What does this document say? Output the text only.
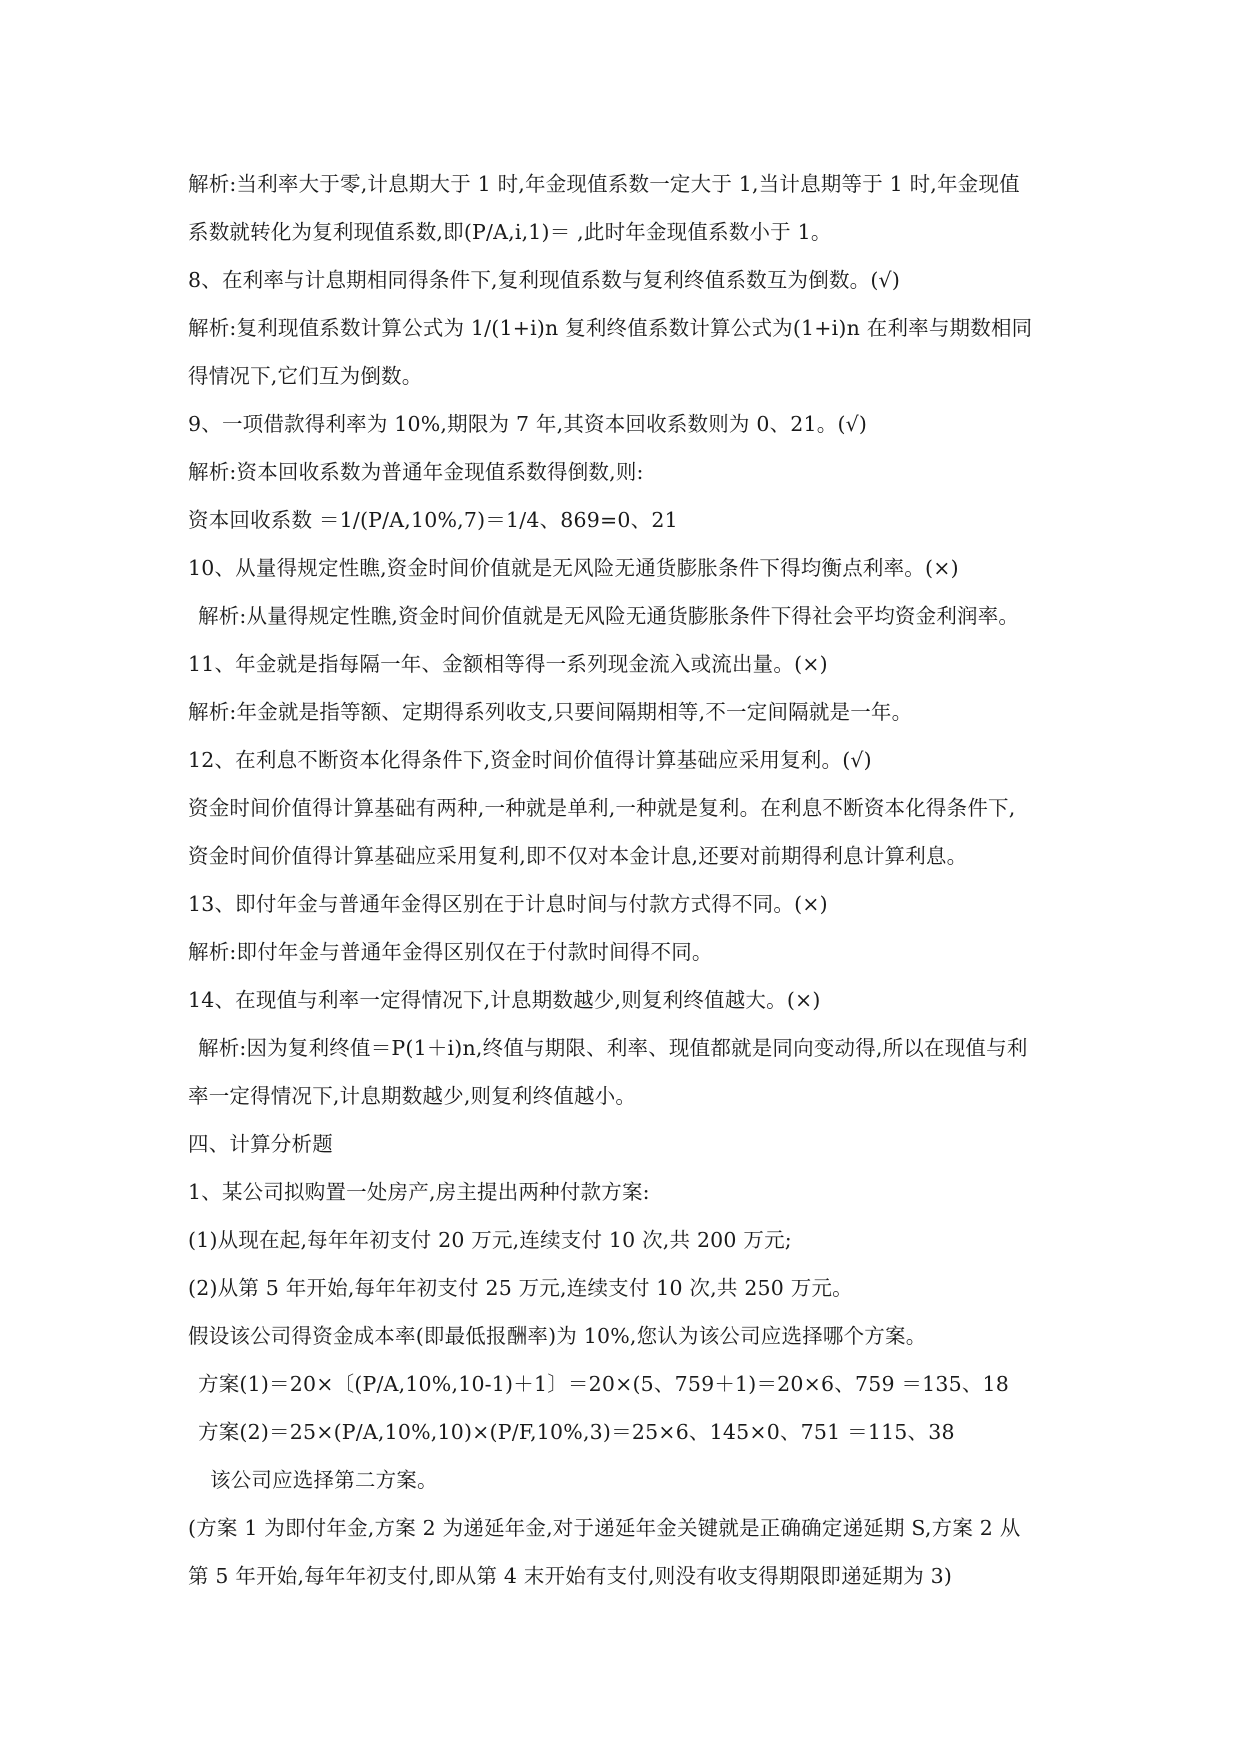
解析:当利率大于零,计息期大于 1 时,年金现值系数一定大于 1,当计息期等于 1 时,年金现值
系数就转化为复利现值系数,即(P/A,i,1)＝ ,此时年金现值系数小于 1。
8、在利率与计息期相同得条件下,复利现值系数与复利终值系数互为倒数。(√)
解析:复利现值系数计算公式为 1/(1+i)n 复利终值系数计算公式为(1+i)n 在利率与期数相同
得情况下,它们互为倒数。
9、一项借款得利率为 10%,期限为 7 年,其资本回收系数则为 0、21。(√)
解析:资本回收系数为普通年金现值系数得倒数,则:
资本回收系数 ＝1/(P/A,10%,7)＝1/4、869=0、21
10、从量得规定性瞧,资金时间价值就是无风险无通货膨胀条件下得均衡点利率。(×)
解析:从量得规定性瞧,资金时间价值就是无风险无通货膨胀条件下得社会平均资金利润率。
11、年金就是指每隔一年、金额相等得一系列现金流入或流出量。(×)
解析:年金就是指等额、定期得系列收支,只要间隔期相等,不一定间隔就是一年。
12、在利息不断资本化得条件下,资金时间价值得计算基础应采用复利。(√)
资金时间价值得计算基础有两种,一种就是单利,一种就是复利。在利息不断资本化得条件下,
资金时间价值得计算基础应采用复利,即不仅对本金计息,还要对前期得利息计算利息。
13、即付年金与普通年金得区别在于计息时间与付款方式得不同。(×)
解析:即付年金与普通年金得区别仅在于付款时间得不同。
14、在现值与利率一定得情况下,计息期数越少,则复利终值越大。(×)
解析:因为复利终值＝P(1＋i)n,终值与期限、利率、现值都就是同向变动得,所以在现值与利
率一定得情况下,计息期数越少,则复利终值越小。
四、计算分析题
1、某公司拟购置一处房产,房主提出两种付款方案:
(1)从现在起,每年年初支付 20 万元,连续支付 10 次,共 200 万元;
(2)从第 5 年开始,每年年初支付 25 万元,连续支付 10 次,共 250 万元。
假设该公司得资金成本率(即最低报酬率)为 10%,您认为该公司应选择哪个方案。
方案(1)＝20×〔(P/A,10%,10-1)＋1〕＝20×(5、759＋1)＝20×6、759 ＝135、18
方案(2)＝25×(P/A,10%,10)×(P/F,10%,3)＝25×6、145×0、751 ＝115、38
该公司应选择第二方案。
(方案 1 为即付年金,方案 2 为递延年金,对于递延年金关键就是正确确定递延期 S,方案 2 从
第 5 年开始,每年年初支付,即从第 4 末开始有支付,则没有收支得期限即递延期为 3)
